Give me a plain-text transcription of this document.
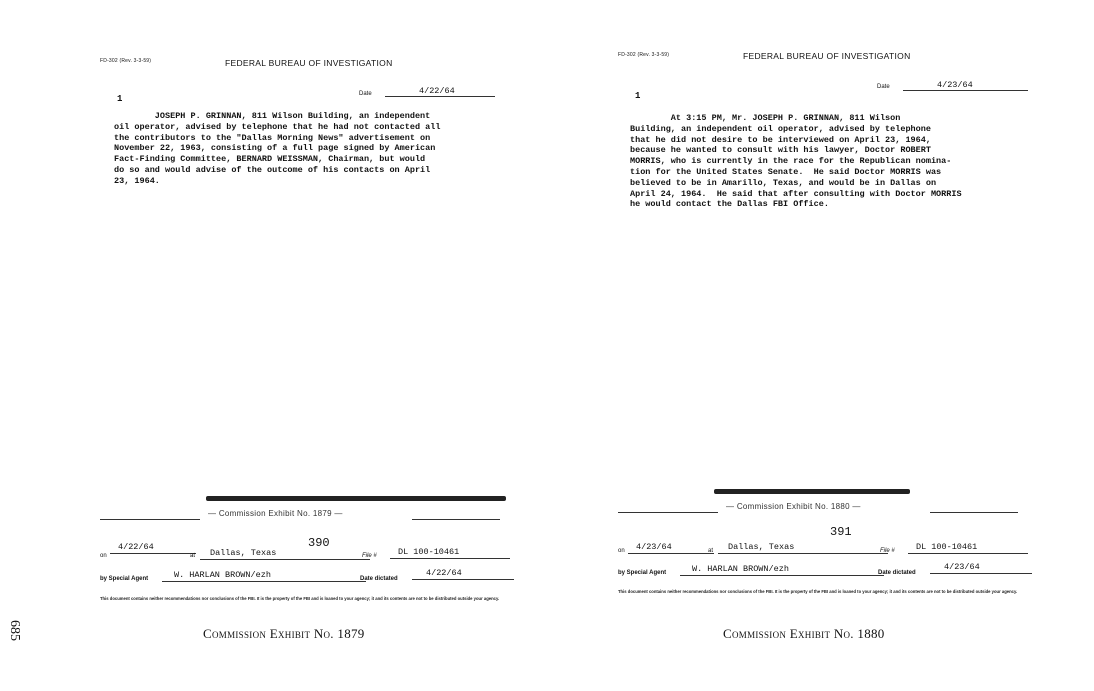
FD-302 (Rev. 3-3-59)	FEDERAL BUREAU OF INVESTIGATION
Date	4/22/64
1
JOSEPH P. GRINNAN, 811 Wilson Building, an independent
oil operator, advised by telephone that he had not contacted all
the contributors to the "Dallas Morning News" advertisement on
November 22, 1963, consisting of a full page signed by American
Fact-Finding Committee, BERNARD WEISSMAN, Chairman, but would
do so and would advise of the outcome of his contacts on April
23, 1964.
— Commission Exhibit No. 1879 —
390
on
4/22/64
at	Dallas, Texas	File #	DL 100-10461
by Special Agent	W. HARLAN BROWN/ezh	Date dictated
4/22/64
This document contains neither recommendations nor conclusions of the FBI. It is the property of the FBI and is loaned to your agency; it and its contents are not to be distributed outside your agency.
FD-302 (Rev. 3-3-59)	FEDERAL BUREAU OF INVESTIGATION
Date	4/23/64
1
At 3:15 PM, Mr. JOSEPH P. GRINNAN, 811 Wilson
Building, an independent oil operator, advised by telephone
that he did not desire to be interviewed on April 23, 1964,
because he wanted to consult with his lawyer, Doctor ROBERT
MORRIS, who is currently in the race for the Republican nomina-
tion for the United States Senate.  He said Doctor MORRIS was
believed to be in Amarillo, Texas, and would be in Dallas on
April 24, 1964.  He said that after consulting with Doctor MORRIS
he would contact the Dallas FBI Office.
— Commission Exhibit No. 1880 —
391
on	4/23/64	at	Dallas, Texas	File #	DL 100-10461
by Special Agent	W. HARLAN BROWN/ezh	Date dictated
4/23/64
This document contains neither recommendations nor conclusions of the FBI. It is the property of the FBI and is loaned to your agency; it and its contents are not to be distributed outside your agency.
Commission Exhibit No. 1879	Commission Exhibit No. 1880
685
